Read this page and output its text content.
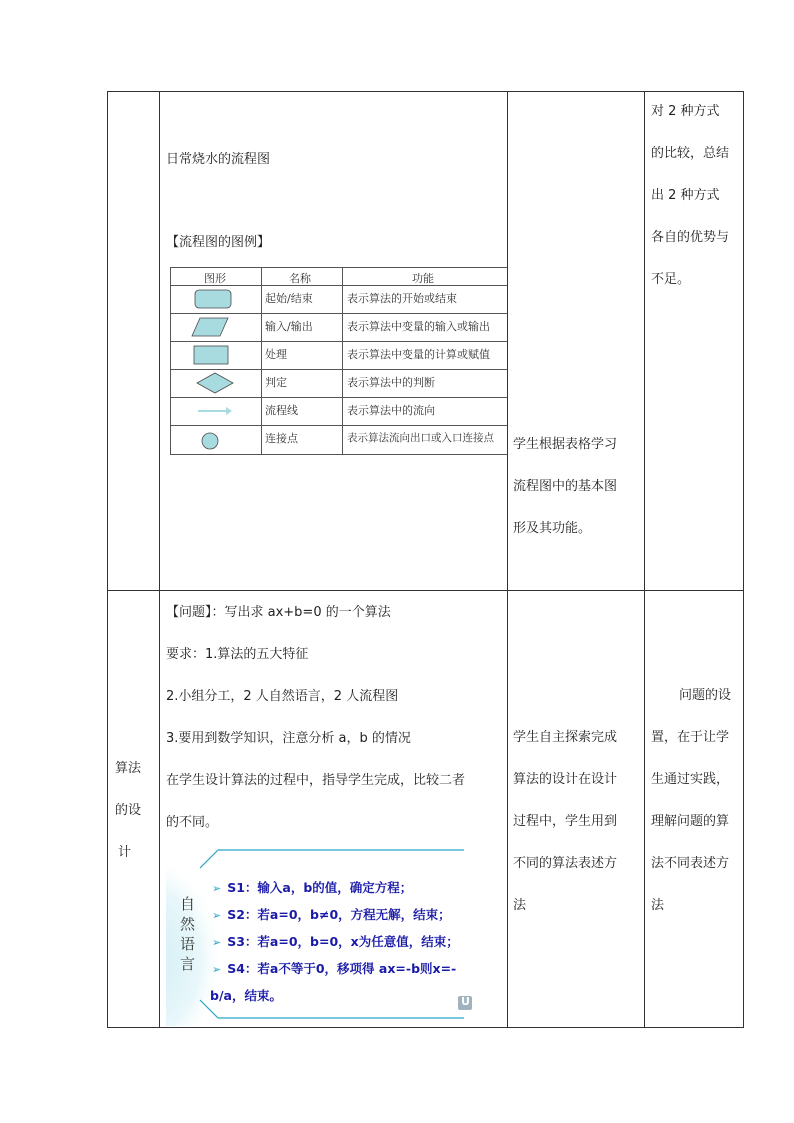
日常烧水的流程图
【流程图的图例】
图形	名称	功能
起始/结束
输入/输出
处理
判定
流程线
连接点
表示算法的开始或结束
表示算法中变量的输入或输出
表示算法中变量的计算或赋值
表示算法中的判断
表示算法中的流向
表示算法流向出口或入口连接点 学生根据表格学习
流程图中的基本图
形及其功能。
对 2 种方式
的比较，总结
出 2 种方式
各自的优势与
不足。
算法
的设
计
【问题】：写出求 ax+b=0 的一个算法
要求：1.算法的五大特征
2.小组分工，2 人自然语言，2 人流程图
3.要用到数学知识，注意分析 a，b 的情况
在学生设计算法的过程中，指导学生完成，比较二者
的不同。
U
自
然
语
言
➢ S1：输入a，b的值，确定方程；
➢ S2：若a=0，b≠0，方程无解，结束；
➢ S3：若a=0，b=0，x为任意值，结束；
➢ S4：若a不等于0，移项得 ax=-b则x=-
b/a，结束。
学生自主探索完成
算法的设计在设计
过程中，学生用到
不同的算法表述方
法
问题的设
置，在于让学
生通过实践，
理解问题的算
法不同表述方
法
